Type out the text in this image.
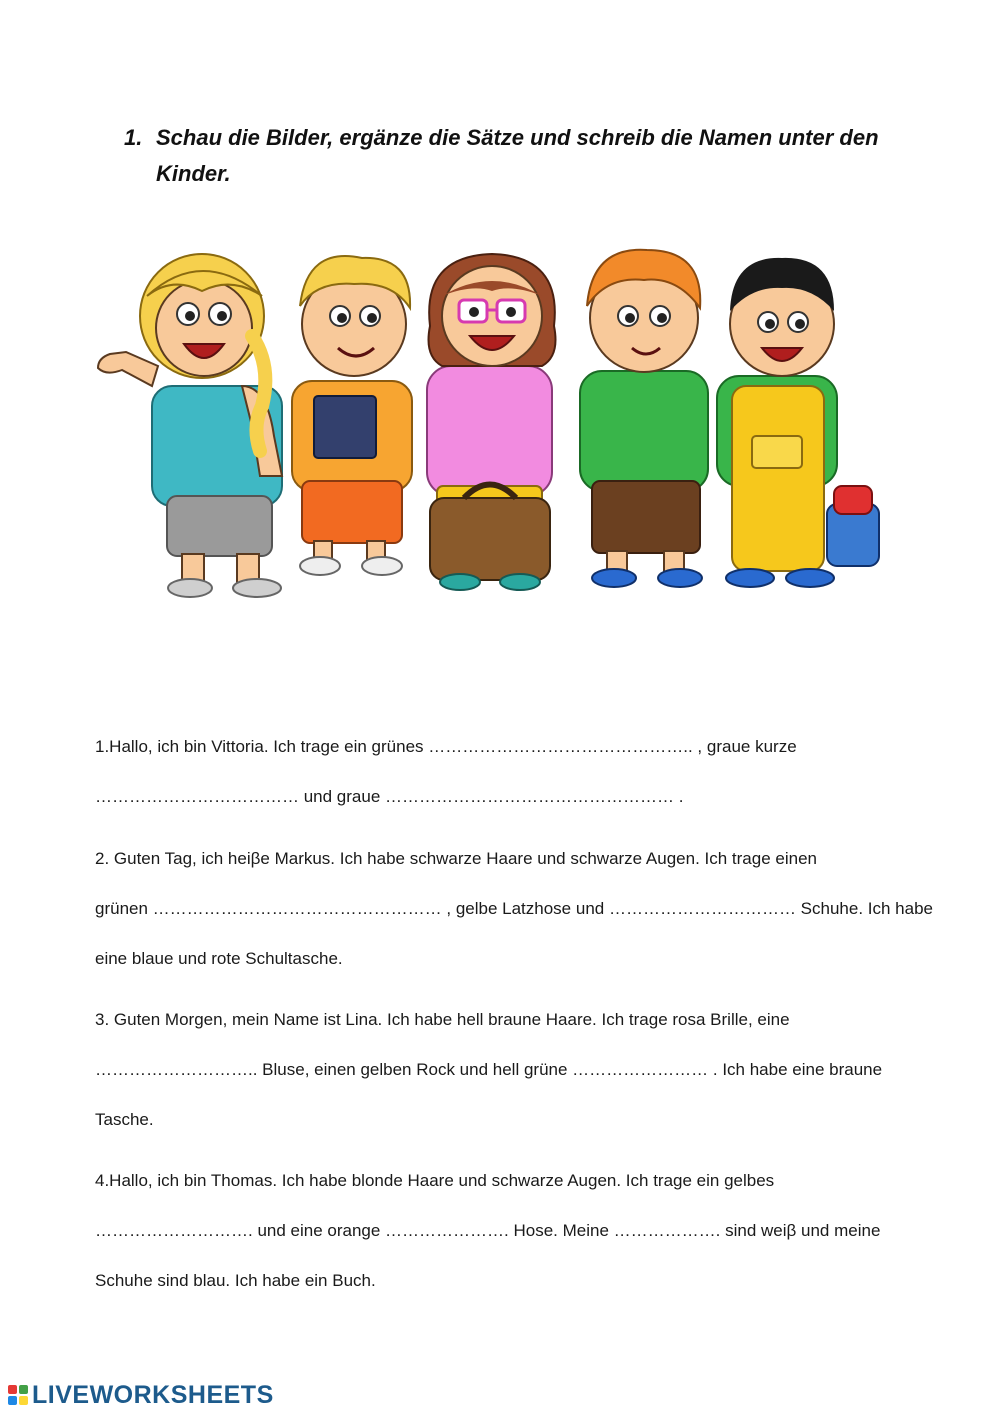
1. Schau die Bilder, ergänze die Sätze und schreib die Namen unter den Kinder.
1.Hallo, ich bin Vittoria. Ich trage ein grünes ……………………………………….. , graue kurze
……………………………… und graue …………………………………………… .
2. Guten Tag, ich heiβe Markus. Ich habe schwarze Haare und schwarze Augen. Ich trage einen
grünen …………………………………………… , gelbe Latzhose und …………………………… Schuhe. Ich habe
eine blaue und rote Schultasche.
3. Guten Morgen, mein Name ist Lina. Ich habe hell braune Haare. Ich trage rosa Brille, eine
……………………….. Bluse, einen gelben Rock und hell grüne …………………… . Ich habe eine braune
Tasche.
4.Hallo, ich bin Thomas. Ich habe blonde Haare und schwarze Augen. Ich trage ein gelbes
………………………. und eine orange …………………. Hose. Meine ………………. sind weiβ und meine
Schuhe sind blau. Ich habe ein Buch.
LIVEWORKSHEETS
